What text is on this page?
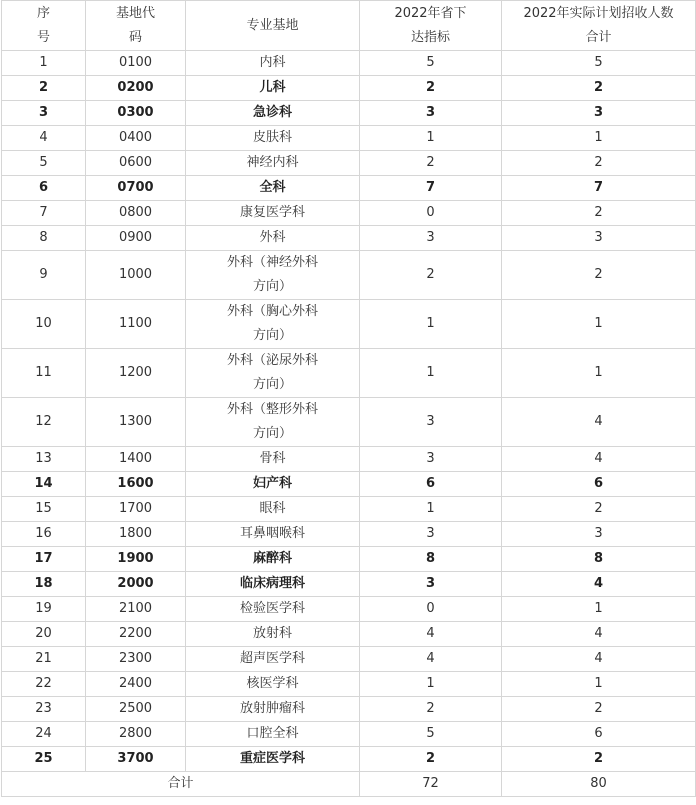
序号	基地代码	专业基地	2022年省下达指标	2022年实际计划招收人数合计
1	0100	内科	5	5
2	0200	儿科	2	2
3	0300	急诊科	3	3
4	0400	皮肤科	1	1
5	0600	神经内科	2	2
6	0700	全科	7	7
7	0800	康复医学科	0	2
8	0900	外科	3	3
9	1000	外科（神经外科方向）	2	2
10	1100	外科（胸心外科方向）	1	1
11	1200	外科（泌尿外科方向）	1	1
12	1300	外科（整形外科方向）	3	4
13	1400	骨科	3	4
14	1600	妇产科	6	6
15	1700	眼科	1	2
16	1800	耳鼻咽喉科	3	3
17	1900	麻醉科	8	8
18	2000	临床病理科	3	4
19	2100	检验医学科	0	1
20	2200	放射科	4	4
21	2300	超声医学科	4	4
22	2400	核医学科	1	1
23	2500	放射肿瘤科	2	2
24	2800	口腔全科	5	6
25	3700	重症医学科	2	2
合计			72	80
